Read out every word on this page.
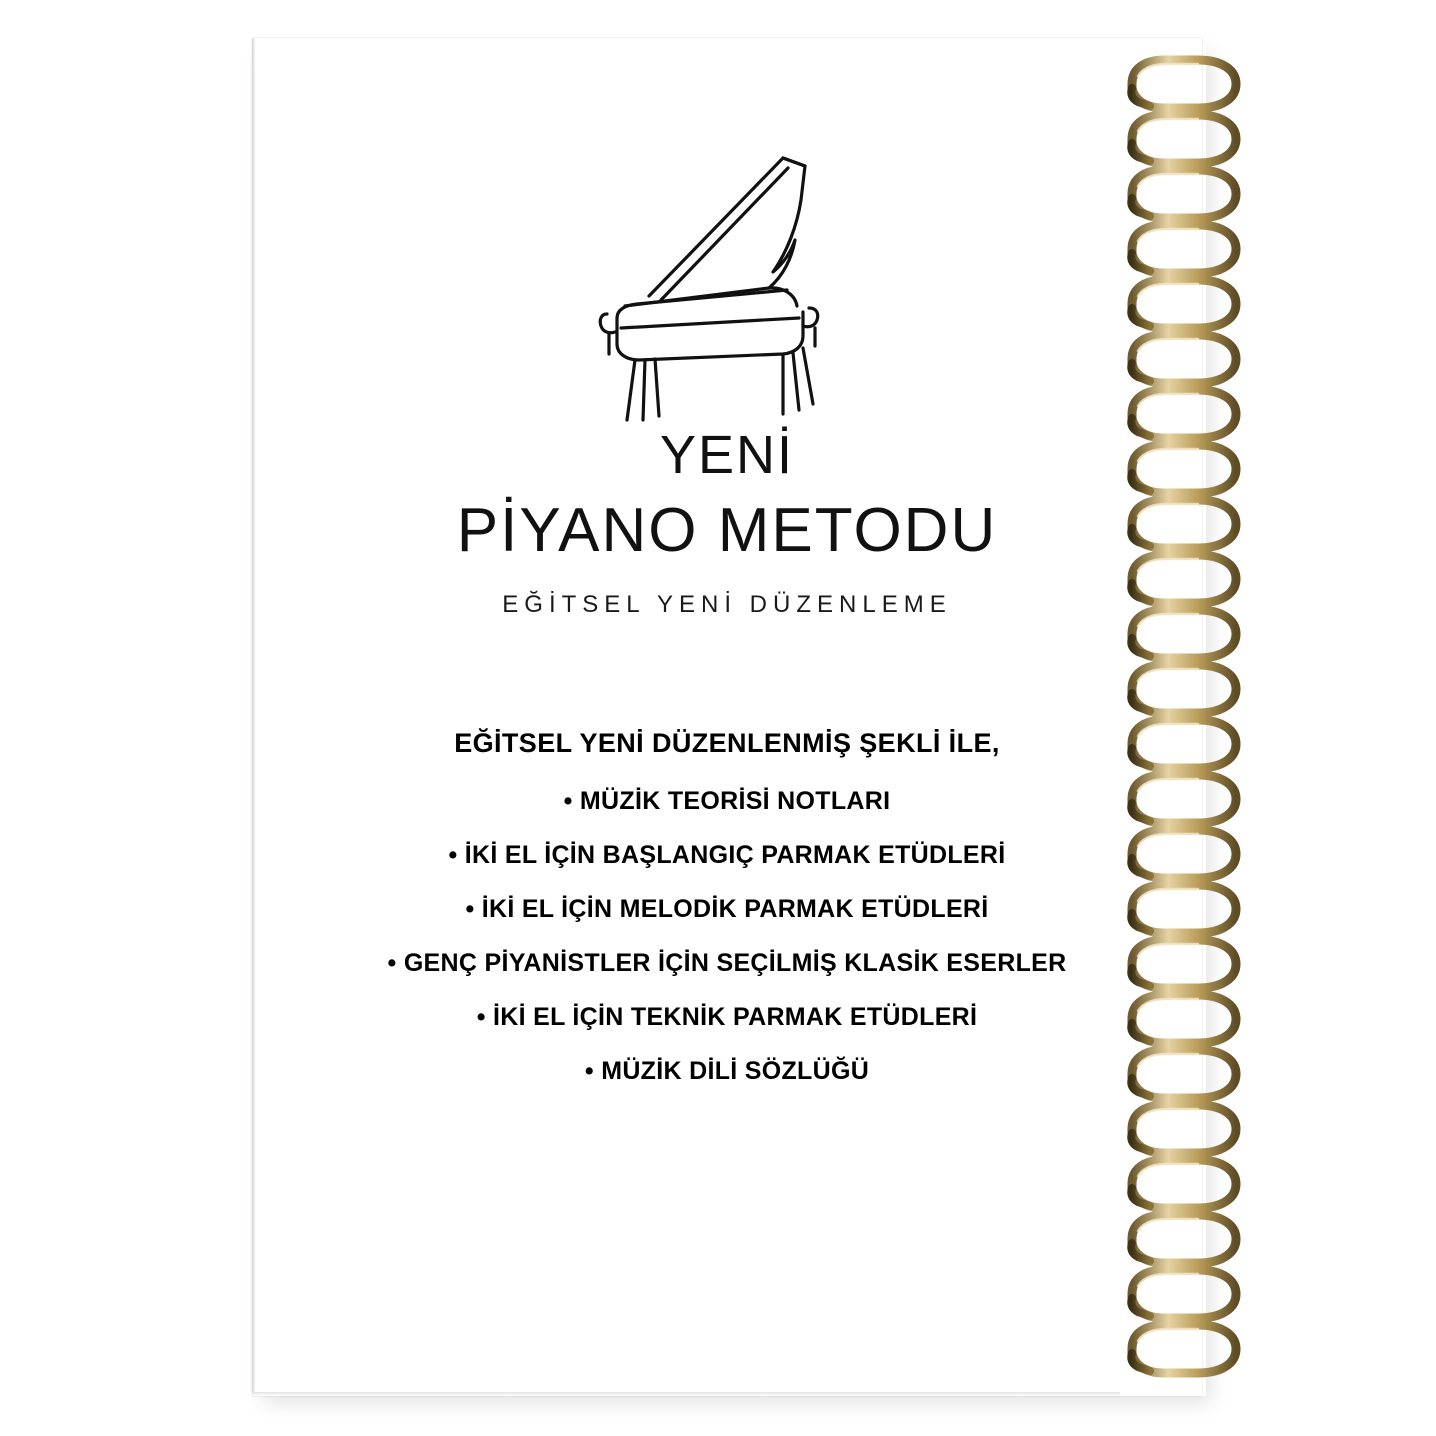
YENİ
PİYANO METODU
EĞİTSEL YENİ DÜZENLEME
EĞİTSEL YENİ DÜZENLENMİŞ ŞEKLİ İLE,
• MÜZİK TEORİSİ NOTLARI
• İKİ EL İÇİN BAŞLANGIÇ PARMAK ETÜDLERİ
• İKİ EL İÇİN MELODİK PARMAK ETÜDLERİ
• GENÇ PİYANİSTLER İÇİN SEÇİLMİŞ KLASİK ESERLER
• İKİ EL İÇİN TEKNİK PARMAK ETÜDLERİ
• MÜZİK DİLİ SÖZLÜĞÜ
